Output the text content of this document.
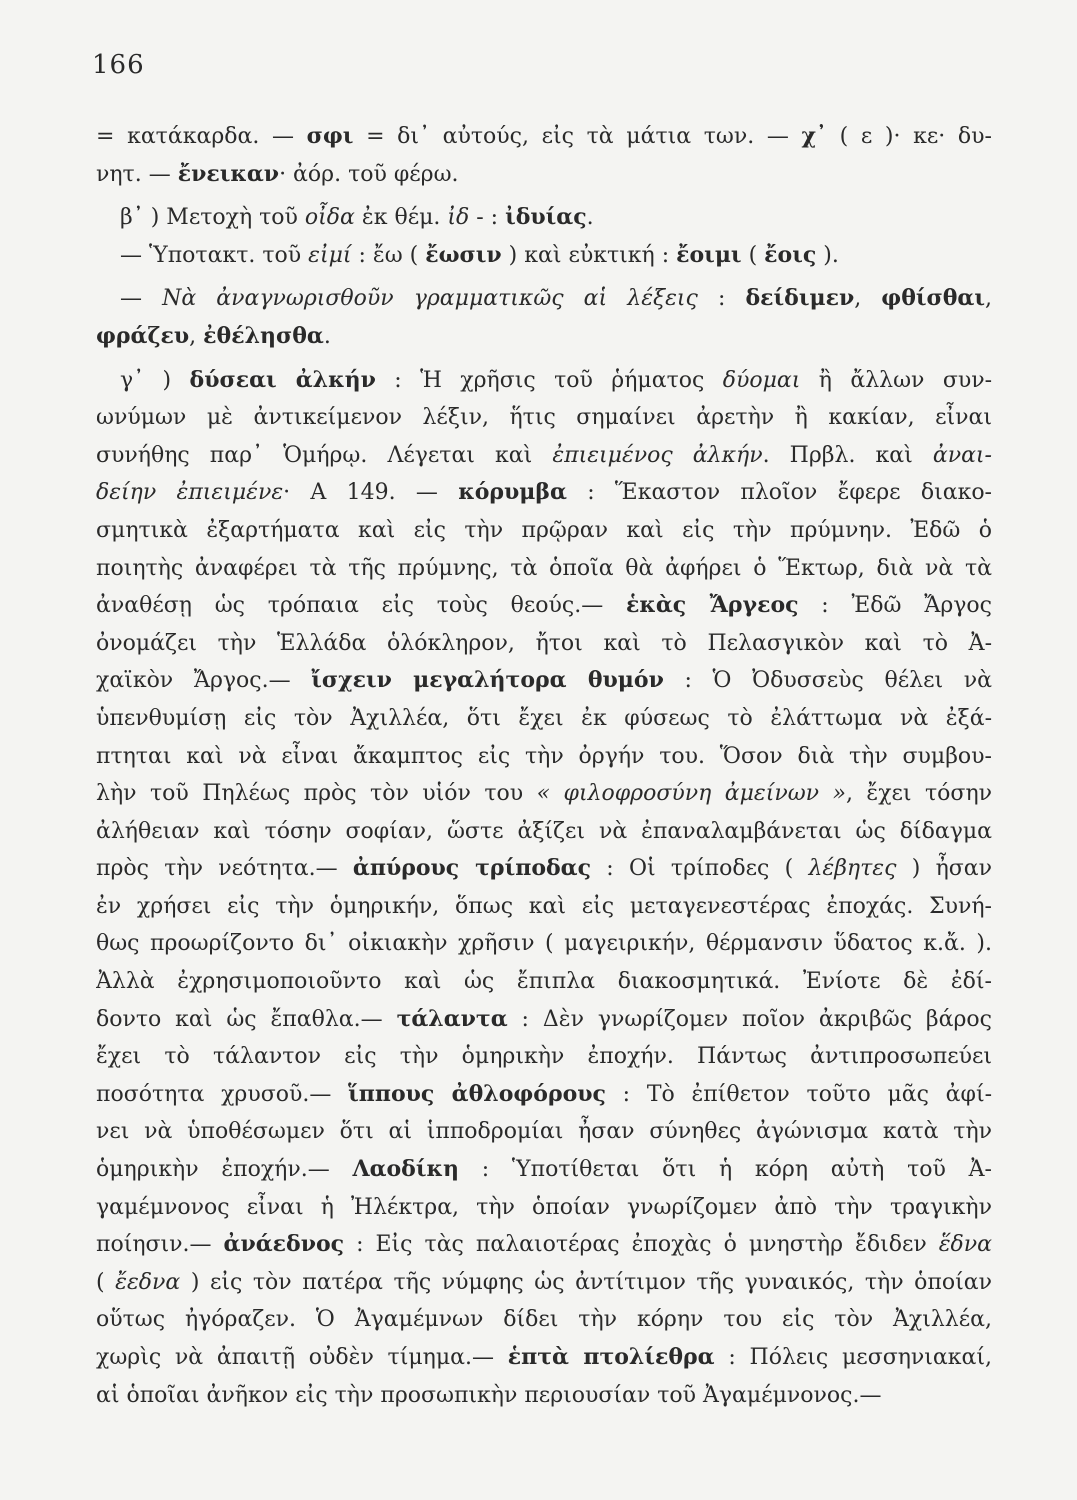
166
= κατάκαρδα. — σφι = δι᾽ αὐτούς, εἰς τὰ μάτια των. — χ᾽ ( ε )· κε· δυ-
νητ. — ἔνεικαν· ἀόρ. τοῦ φέρω.
β᾽ ) Μετοχὴ τοῦ οἶδα ἐκ θέμ. ἰδ - : ἰδυίας.
— Ὑποτακτ. τοῦ εἰμί : ἔω ( ἔωσιν ) καὶ εὐκτική : ἔοιμι ( ἔοις ).
— Νὰ ἀναγνωρισθοῦν γραμματικῶς αἱ λέξεις : δείδιμεν, φθίσθαι,
φράζευ, ἐθέλησθα.
γ᾽ ) δύσεαι ἀλκήν : Ἡ χρῆσις τοῦ ῥήματος δύομαι ἢ ἄλλων συν-
ωνύμων μὲ ἀντικείμενον λέξιν, ἥτις σημαίνει ἀρετὴν ἢ κακίαν, εἶναι
συνήθης παρ᾽ Ὁμήρῳ. Λέγεται καὶ ἐπιειμένος ἀλκήν. Πρβλ. καὶ ἀναι-
δείην ἐπιειμένε· Α 149. — κόρυμβα : Ἕκαστον πλοῖον ἔφερε διακο-
σμητικὰ ἐξαρτήματα καὶ εἰς τὴν πρῷραν καὶ εἰς τὴν πρύμνην. Ἐδῶ ὁ
ποιητὴς ἀναφέρει τὰ τῆς πρύμνης, τὰ ὁποῖα θὰ ἀφήρει ὁ Ἕκτωρ, διὰ νὰ τὰ
ἀναθέσῃ ὡς τρόπαια εἰς τοὺς θεούς.— ἑκὰς Ἄργεος : Ἐδῶ Ἄργος
ὀνομάζει τὴν Ἑλλάδα ὁλόκληρον, ἤτοι καὶ τὸ Πελασγικὸν καὶ τὸ Ἀ-
χαϊκὸν Ἄργος.— ἴσχειν μεγαλήτορα θυμόν : Ὁ Ὀδυσσεὺς θέλει νὰ
ὑπενθυμίσῃ εἰς τὸν Ἀχιλλέα, ὅτι ἔχει ἐκ φύσεως τὸ ἐλάττωμα νὰ ἐξά-
πτηται καὶ νὰ εἶναι ἄκαμπτος εἰς τὴν ὀργήν του. Ὅσον διὰ τὴν συμβου-
λὴν τοῦ Πηλέως πρὸς τὸν υἱόν του « φιλοφροσύνη ἀμείνων », ἔχει τόσην
ἀλήθειαν καὶ τόσην σοφίαν, ὥστε ἀξίζει νὰ ἐπαναλαμβάνεται ὡς δίδαγμα
πρὸς τὴν νεότητα.— ἀπύρους τρίποδας : Οἱ τρίποδες ( λέβητες ) ἦσαν
ἐν χρήσει εἰς τὴν ὁμηρικήν, ὅπως καὶ εἰς μεταγενεστέρας ἐποχάς. Συνή-
θως προωρίζοντο δι᾽ οἰκιακὴν χρῆσιν ( μαγειρικήν, θέρμανσιν ὕδατος κ.ἄ. ).
Ἀλλὰ ἐχρησιμοποιοῦντο καὶ ὡς ἔπιπλα διακοσμητικά. Ἐνίοτε δὲ ἐδί-
δοντο καὶ ὡς ἔπαθλα.— τάλαντα : Δὲν γνωρίζομεν ποῖον ἀκριβῶς βάρος
ἔχει τὸ τάλαντον εἰς τὴν ὁμηρικὴν ἐποχήν. Πάντως ἀντιπροσωπεύει
ποσότητα χρυσοῦ.— ἵππους ἀθλοφόρους : Τὸ ἐπίθετον τοῦτο μᾶς ἀφί-
νει νὰ ὑποθέσωμεν ὅτι αἱ ἱπποδρομίαι ἦσαν σύνηθες ἀγώνισμα κατὰ τὴν
ὁμηρικὴν ἐποχήν.— Λαοδίκη : Ὑποτίθεται ὅτι ἡ κόρη αὐτὴ τοῦ Ἀ-
γαμέμνονος εἶναι ἡ Ἠλέκτρα, τὴν ὁποίαν γνωρίζομεν ἀπὸ τὴν τραγικὴν
ποίησιν.— ἀνάεδνος : Εἰς τὰς παλαιοτέρας ἐποχὰς ὁ μνηστὴρ ἔδιδεν ἕδνα
( ἔεδνα ) εἰς τὸν πατέρα τῆς νύμφης ὡς ἀντίτιμον τῆς γυναικός, τὴν ὁποίαν
οὕτως ἠγόραζεν. Ὁ Ἀγαμέμνων δίδει τὴν κόρην του εἰς τὸν Ἀχιλλέα,
χωρὶς νὰ ἀπαιτῇ οὐδὲν τίμημα.— ἑπτὰ πτολίεθρα : Πόλεις μεσσηνιακαί,
αἱ ὁποῖαι ἀνῆκον εἰς τὴν προσωπικὴν περιουσίαν τοῦ Ἀγαμέμνονος.—
